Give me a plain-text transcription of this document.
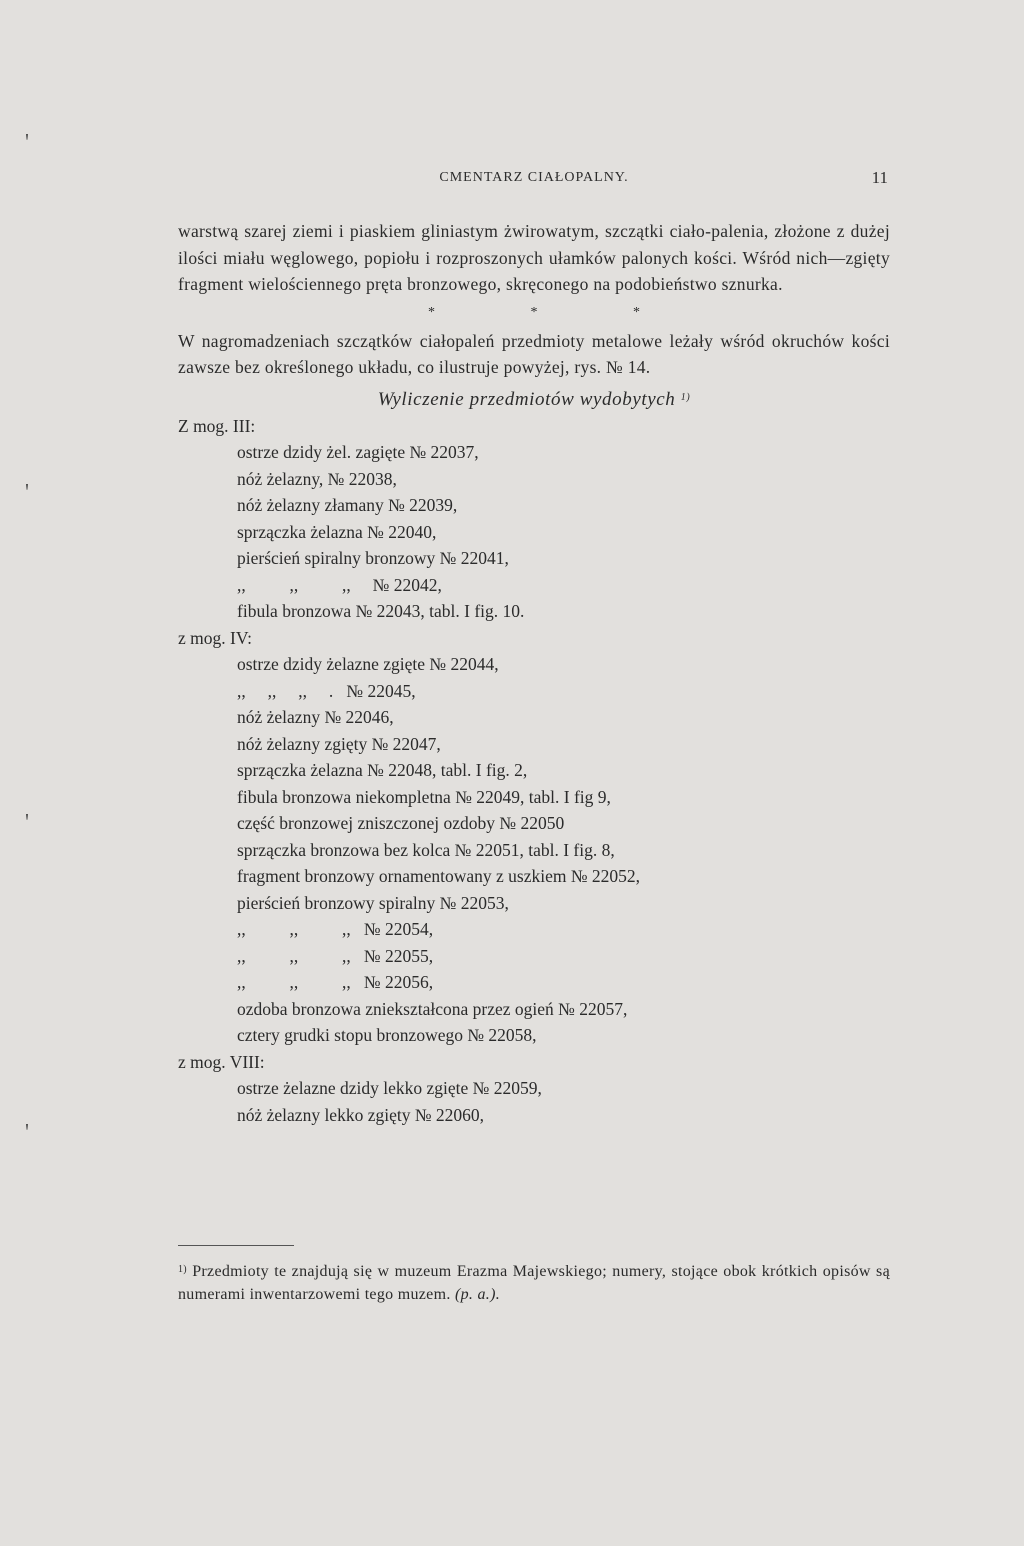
ꞌ
ꞌ
ꞌ
ꞌ
CMENTARZ CIAŁOPALNY.	11

warstwą szarej ziemi i piaskiem gliniastym żwirowatym, szczątki ciało-palenia, złożone z dużej ilości miału węglowego, popiołu i rozproszonych ułamków palonych kości. Wśród nich—zgięty fragment wielościennego pręta bronzowego, skręconego na podobieństwo sznurka.

* * *

W nagromadzeniach szczątków ciałopaleń przedmioty metalowe leżały wśród okruchów kości zawsze bez określonego układu, co ilustruje powyżej, rys. № 14.

Wyliczenie przedmiotów wydobytych $^{1)}$
Z mog. III:
ostrze dzidy żel. zagięte № 22037,
nóż żelazny, № 22038,
nóż żelazny złamany № 22039,
sprzączka żelazna № 22040,
pierścień spiralny bronzowy № 22041,
,,          ,,          ,,     № 22042,
fibula bronzowa № 22043, tabl. I fig. 10.
z mog. IV:
ostrze dzidy żelazne zgięte № 22044,
,,     ,,     ,,     .   № 22045,
nóż żelazny № 22046,
nóż żelazny zgięty № 22047,
sprzączka żelazna № 22048, tabl. I fig. 2,
fibula bronzowa niekompletna № 22049, tabl. I fig 9,
część bronzowej zniszczonej ozdoby № 22050
sprzączka bronzowa bez kolca № 22051, tabl. I fig. 8,
fragment bronzowy ornamentowany z uszkiem № 22052,
pierścień bronzowy spiralny № 22053,
,,          ,,          ,,   № 22054,
,,          ,,          ,,   № 22055,
,,          ,,          ,,   № 22056,
ozdoba bronzowa zniekształcona przez ogień № 22057,
cztery grudki stopu bronzowego № 22058,
z mog. VIII:
ostrze żelazne dzidy lekko zgięte № 22059,
nóż żelazny lekko zgięty № 22060,
$^{1)}$ Przedmioty te znajdują się w muzeum Erazma Majewskiego; numery, stojące obok krótkich opisów są numerami inwentarzowemi tego muzem. (p. a.).
